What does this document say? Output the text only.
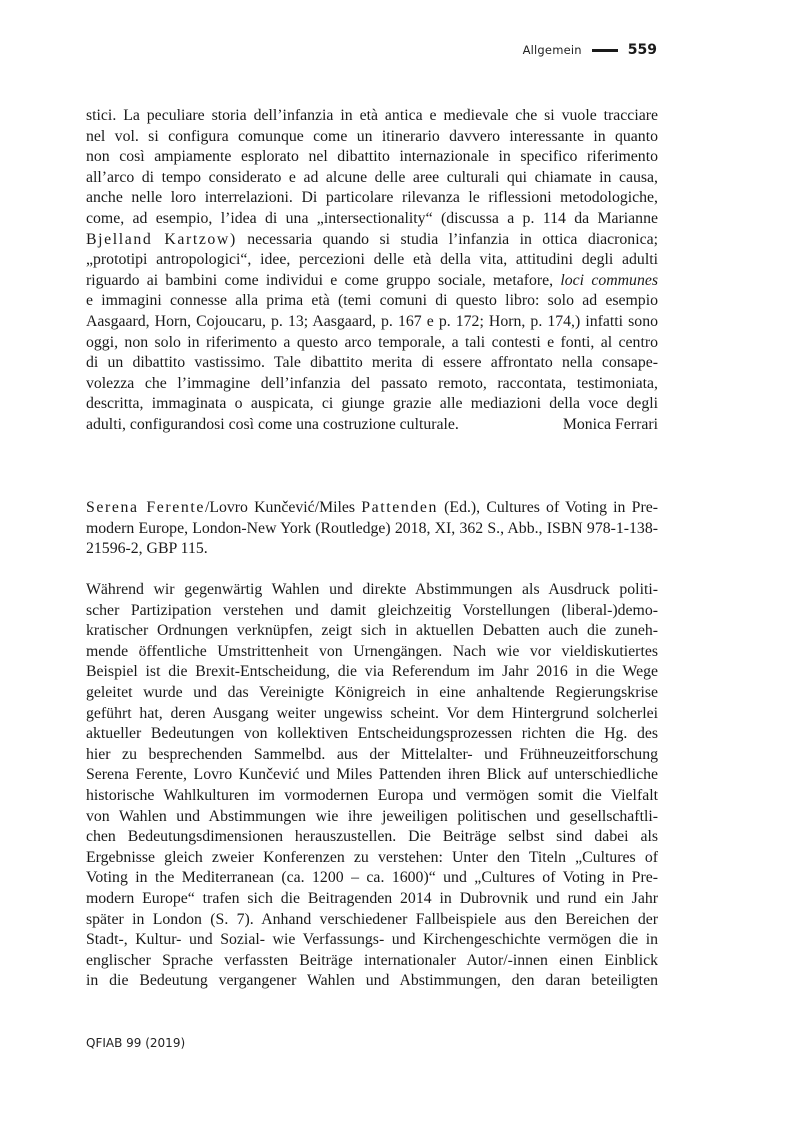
Allgemein	559
stici. La peculiare storia dell’infanzia in età antica e medievale che si vuole tracciare
nel vol. si configura comunque come un itinerario davvero interessante in quanto
non così ampiamente esplorato nel dibattito internazionale in specifico riferimento
all’arco di tempo considerato e ad alcune delle aree culturali qui chiamate in causa,
anche nelle loro interrelazioni. Di particolare rilevanza le riflessioni metodologiche,
come, ad esempio, l’idea di una „intersectionality“ (discussa a p. 114 da Marianne
Bjelland Kartzow) necessaria quando si studia l’infanzia in ottica diacronica;
„prototipi antropologici“, idee, percezioni delle età della vita, attitudini degli adulti
riguardo ai bambini come individui e come gruppo sociale, metafore, loci communes
e immagini connesse alla prima età (temi comuni di questo libro: solo ad esempio
Aasgaard, Horn, Cojoucaru, p. 13; Aasgaard, p. 167 e p. 172; Horn, p. 174,) infatti sono
oggi, non solo in riferimento a questo arco temporale, a tali contesti e fonti, al centro
di un dibattito vastissimo. Tale dibattito merita di essere affrontato nella consape-
volezza che l’immagine dell’infanzia del passato remoto, raccontata, testimoniata,
descritta, immaginata o auspicata, ci giunge grazie alle mediazioni della voce degli
adulti, configurandosi così come una costruzione culturale.	Monica Ferrari
Serena Ferente/Lovro Kunčević/Miles Pattenden (Ed.), Cultures of Voting in Pre-
modern Europe, London-New York (Routledge) 2018, XI, 362 S., Abb., ISBN 978-1-138-
21596-2, GBP 115.
Während wir gegenwärtig Wahlen und direkte Abstimmungen als Ausdruck politi-
scher Partizipation verstehen und damit gleichzeitig Vorstellungen (liberal-)demo-
kratischer Ordnungen verknüpfen, zeigt sich in aktuellen Debatten auch die zuneh-
mende öffentliche Umstrittenheit von Urnengängen. Nach wie vor vieldiskutiertes
Beispiel ist die Brexit-Entscheidung, die via Referendum im Jahr 2016 in die Wege
geleitet wurde und das Vereinigte Königreich in eine anhaltende Regierungskrise
geführt hat, deren Ausgang weiter ungewiss scheint. Vor dem Hintergrund solcherlei
aktueller Bedeutungen von kollektiven Entscheidungsprozessen richten die Hg. des
hier zu besprechenden Sammelbd. aus der Mittelalter- und Frühneuzeitforschung
Serena Ferente, Lovro Kunčević und Miles Pattenden ihren Blick auf unterschiedliche
historische Wahlkulturen im vormodernen Europa und vermögen somit die Vielfalt
von Wahlen und Abstimmungen wie ihre jeweiligen politischen und gesellschaftli-
chen Bedeutungsdimensionen herauszustellen. Die Beiträge selbst sind dabei als
Ergebnisse gleich zweier Konferenzen zu verstehen: Unter den Titeln „Cultures of
Voting in the Mediterranean (ca. 1200 – ca. 1600)“ und „Cultures of Voting in Pre-
modern Europe“ trafen sich die Beitragenden 2014 in Dubrovnik und rund ein Jahr
später in London (S. 7). Anhand verschiedener Fallbeispiele aus den Bereichen der
Stadt-, Kultur- und Sozial- wie Verfassungs- und Kirchengeschichte vermögen die in
englischer Sprache verfassten Beiträge internationaler Autor/-innen einen Einblick
in die Bedeutung vergangener Wahlen und Abstimmungen, den daran beteiligten
QFIAB 99 (2019)
